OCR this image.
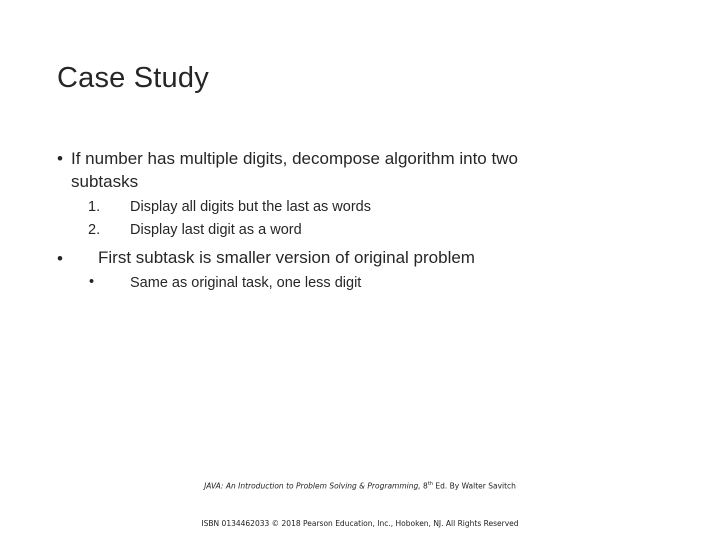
Case Study
• If number has multiple digits, decompose algorithm into two
subtasks
1. Display all digits but the last as words
2. Display last digit as a word
• First subtask is smaller version of original problem
• Same as original task, one less digit
JAVA: An Introduction to Problem Solving & Programming, 8th Ed. By Walter Savitch
ISBN 0134462033 © 2018 Pearson Education, Inc., Hoboken, NJ. All Rights Reserved
